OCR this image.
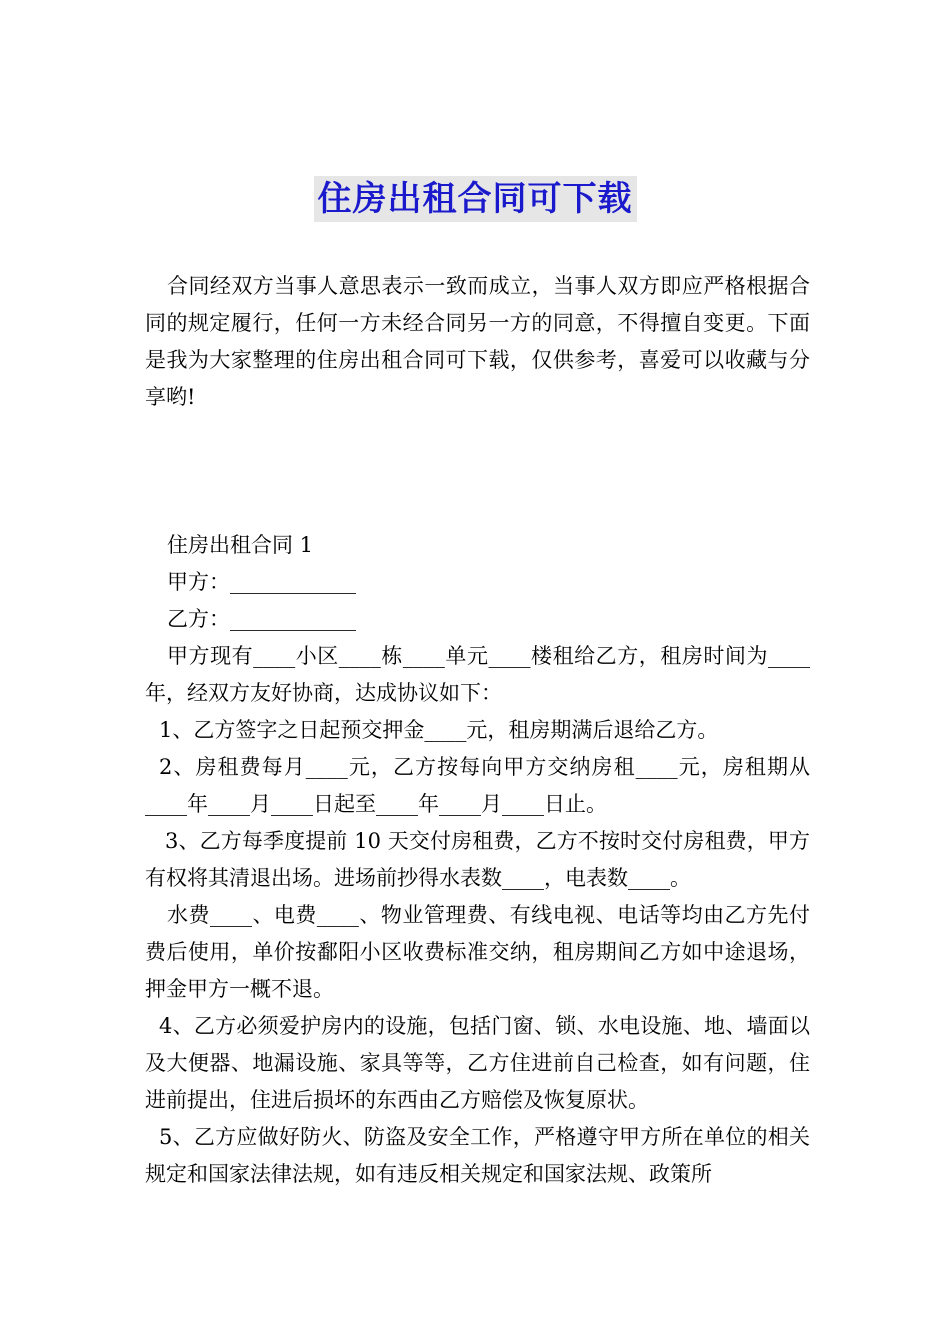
住房出租合同可下载

合同经双方当事人意思表示一致而成立，当事人双方即应严格根据合同的规定履行，任何一方未经合同另一方的同意，不得擅自变更。下面是我为大家整理的住房出租合同可下载，仅供参考，喜爱可以收藏与分享哟!

住房出租合同 1

甲方：____________

乙方：____________

甲方现有____小区____栋____单元____楼租给乙方，租房时间为____年，经双方友好协商，达成协议如下：

1、乙方签字之日起预交押金____元，租房期满后退给乙方。

2、房租费每月____元，乙方按每向甲方交纳房租____元，房租期从____年____月____日起至____年____月____日止。

3、乙方每季度提前 10 天交付房租费，乙方不按时交付房租费，甲方有权将其清退出场。进场前抄得水表数____，电表数____。

水费____、电费____、物业管理费、有线电视、电话等均由乙方先付费后使用，单价按鄱阳小区收费标准交纳，租房期间乙方如中途退场，押金甲方一概不退。

4、乙方必须爱护房内的设施，包括门窗、锁、水电设施、地、墙面以及大便器、地漏设施、家具等等，乙方住进前自己检查，如有问题，住进前提出，住进后损坏的东西由乙方赔偿及恢复原状。

5、乙方应做好防火、防盗及安全工作，严格遵守甲方所在单位的相关规定和国家法律法规，如有违反相关规定和国家法规、政策所
